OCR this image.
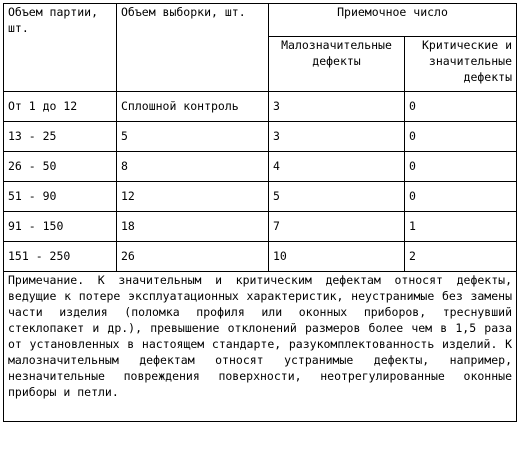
Объем партии, шт.	Объем выборки, шт.	Приемочное число	
		Малозначительные дефекты	Критические и значительные дефекты
От 1 до 12	Сплошной контроль	3	0
13 - 25	5	3	0
26 - 50	8	4	0
51 - 90	12	5	0
91 - 150	18	7	1
151 - 250	26	10	2

Примечание. К значительным и критическим дефектам относят дефекты, ведущие к потере эксплуатационных характеристик, неустранимые без замены части изделия (поломка профиля или оконных приборов, треснувший стеклопакет и др.), превышение отклонений размеров более чем в 1,5 раза от установленных в настоящем стандарте, разукомплектованность изделий. К малозначительным дефектам относят устранимые дефекты, например, незначительные повреждения поверхности, неотрегулированные оконные приборы и петли.			
